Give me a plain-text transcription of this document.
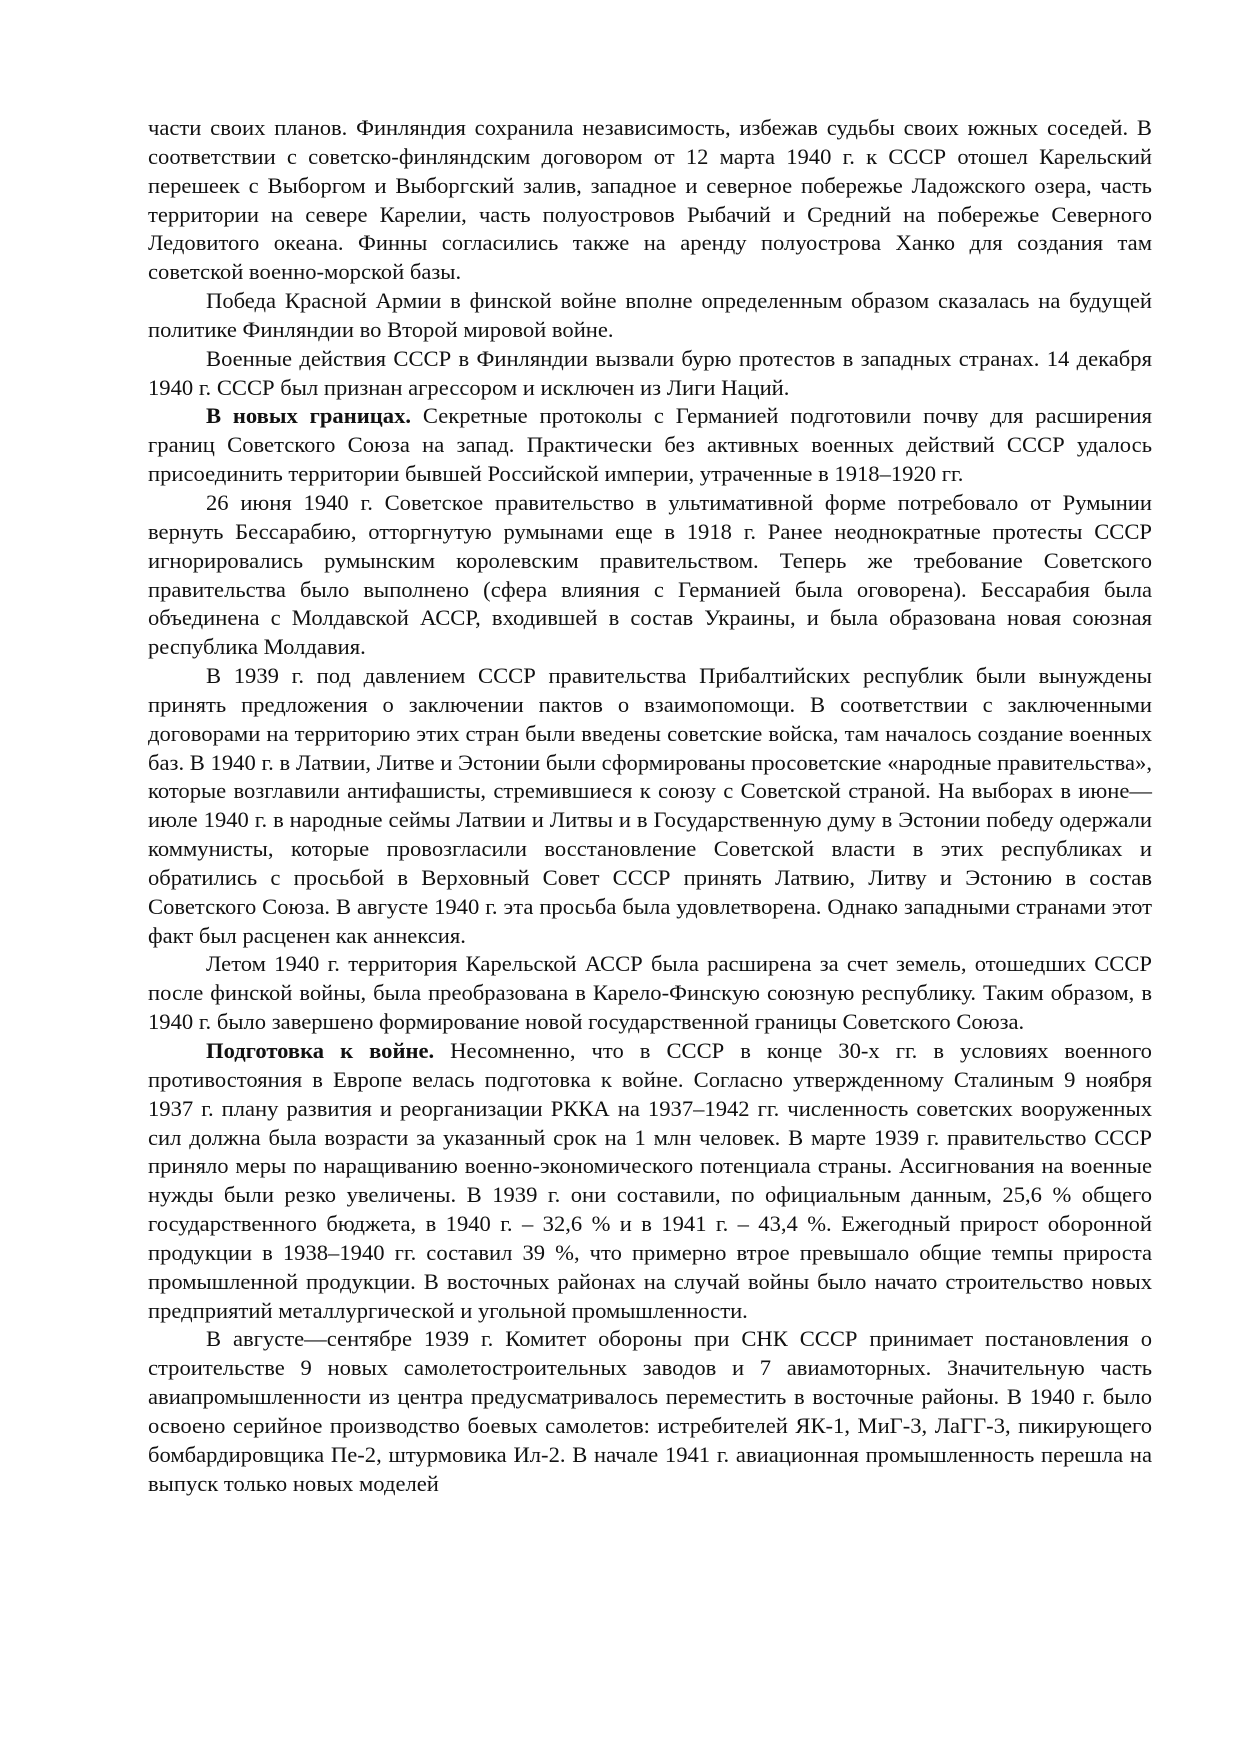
части своих планов. Финляндия сохранила независимость, избежав судьбы своих южных соседей. В соответствии с советско-финляндским договором от 12 марта 1940 г. к СССР отошел Карельский перешеек с Выборгом и Выборгский залив, западное и северное побережье Ладожского озера, часть территории на севере Карелии, часть полуостровов Рыбачий и Средний на побережье Северного Ледовитого океана. Финны согласились также на аренду полуострова Ханко для создания там советской военно-морской базы.

Победа Красной Армии в финской войне вполне определенным образом сказалась на будущей политике Финляндии во Второй мировой войне.

Военные действия СССР в Финляндии вызвали бурю протестов в западных странах. 14 декабря 1940 г. СССР был признан агрессором и исключен из Лиги Наций.

В новых границах. Секретные протоколы с Германией подготовили почву для расширения границ Советского Союза на запад. Практически без активных военных действий СССР удалось присоединить территории бывшей Российской империи, утраченные в 1918–1920 гг.

26 июня 1940 г. Советское правительство в ультимативной форме потребовало от Румынии вернуть Бессарабию, отторгнутую румынами еще в 1918 г. Ранее неоднократные протесты СССР игнорировались румынским королевским правительством. Теперь же требование Советского правительства было выполнено (сфера влияния с Германией была оговорена). Бессарабия была объединена с Молдавской АССР, входившей в состав Украины, и была образована новая союзная республика Молдавия.

В 1939 г. под давлением СССР правительства Прибалтийских республик были вынуждены принять предложения о заключении пактов о взаимопомощи. В соответствии с заключенными договорами на территорию этих стран были введены советские войска, там началось создание военных баз. В 1940 г. в Латвии, Литве и Эстонии были сформированы просоветские «народные правительства», которые возглавили антифашисты, стремившиеся к союзу с Советской страной. На выборах в июне—июле 1940 г. в народные сеймы Латвии и Литвы и в Государственную думу в Эстонии победу одержали коммунисты, которые провозгласили восстановление Советской власти в этих республиках и обратились с просьбой в Верховный Совет СССР принять Латвию, Литву и Эстонию в состав Советского Союза. В августе 1940 г. эта просьба была удовлетворена. Однако западными странами этот факт был расценен как аннексия.

Летом 1940 г. территория Карельской АССР была расширена за счет земель, отошедших СССР после финской войны, была преобразована в Карело-Финскую союзную республику. Таким образом, в 1940 г. было завершено формирование новой государственной границы Советского Союза.

Подготовка к войне. Несомненно, что в СССР в конце 30-х гг. в условиях военного противостояния в Европе велась подготовка к войне. Согласно утвержденному Сталиным 9 ноября 1937 г. плану развития и реорганизации РККА на 1937–1942 гг. численность советских вооруженных сил должна была возрасти за указанный срок на 1 млн человек. В марте 1939 г. правительство СССР приняло меры по наращиванию военно-экономического потенциала страны. Ассигнования на военные нужды были резко увеличены. В 1939 г. они составили, по официальным данным, 25,6 % общего государственного бюджета, в 1940 г. – 32,6 % и в 1941 г. – 43,4 %. Ежегодный прирост оборонной продукции в 1938–1940 гг. составил 39 %, что примерно втрое превышало общие темпы прироста промышленной продукции. В восточных районах на случай войны было начато строительство новых предприятий металлургической и угольной промышленности.

В августе—сентябре 1939 г. Комитет обороны при СНК СССР принимает постановления о строительстве 9 новых самолетостроительных заводов и 7 авиамоторных. Значительную часть авиапромышленности из центра предусматривалось переместить в восточные районы. В 1940 г. было освоено серийное производство боевых самолетов: истребителей ЯК-1, МиГ-3, ЛаГГ-3, пикирующего бомбардировщика Пе-2, штурмовика Ил-2. В начале 1941 г. авиационная промышленность перешла на выпуск только новых моделей
